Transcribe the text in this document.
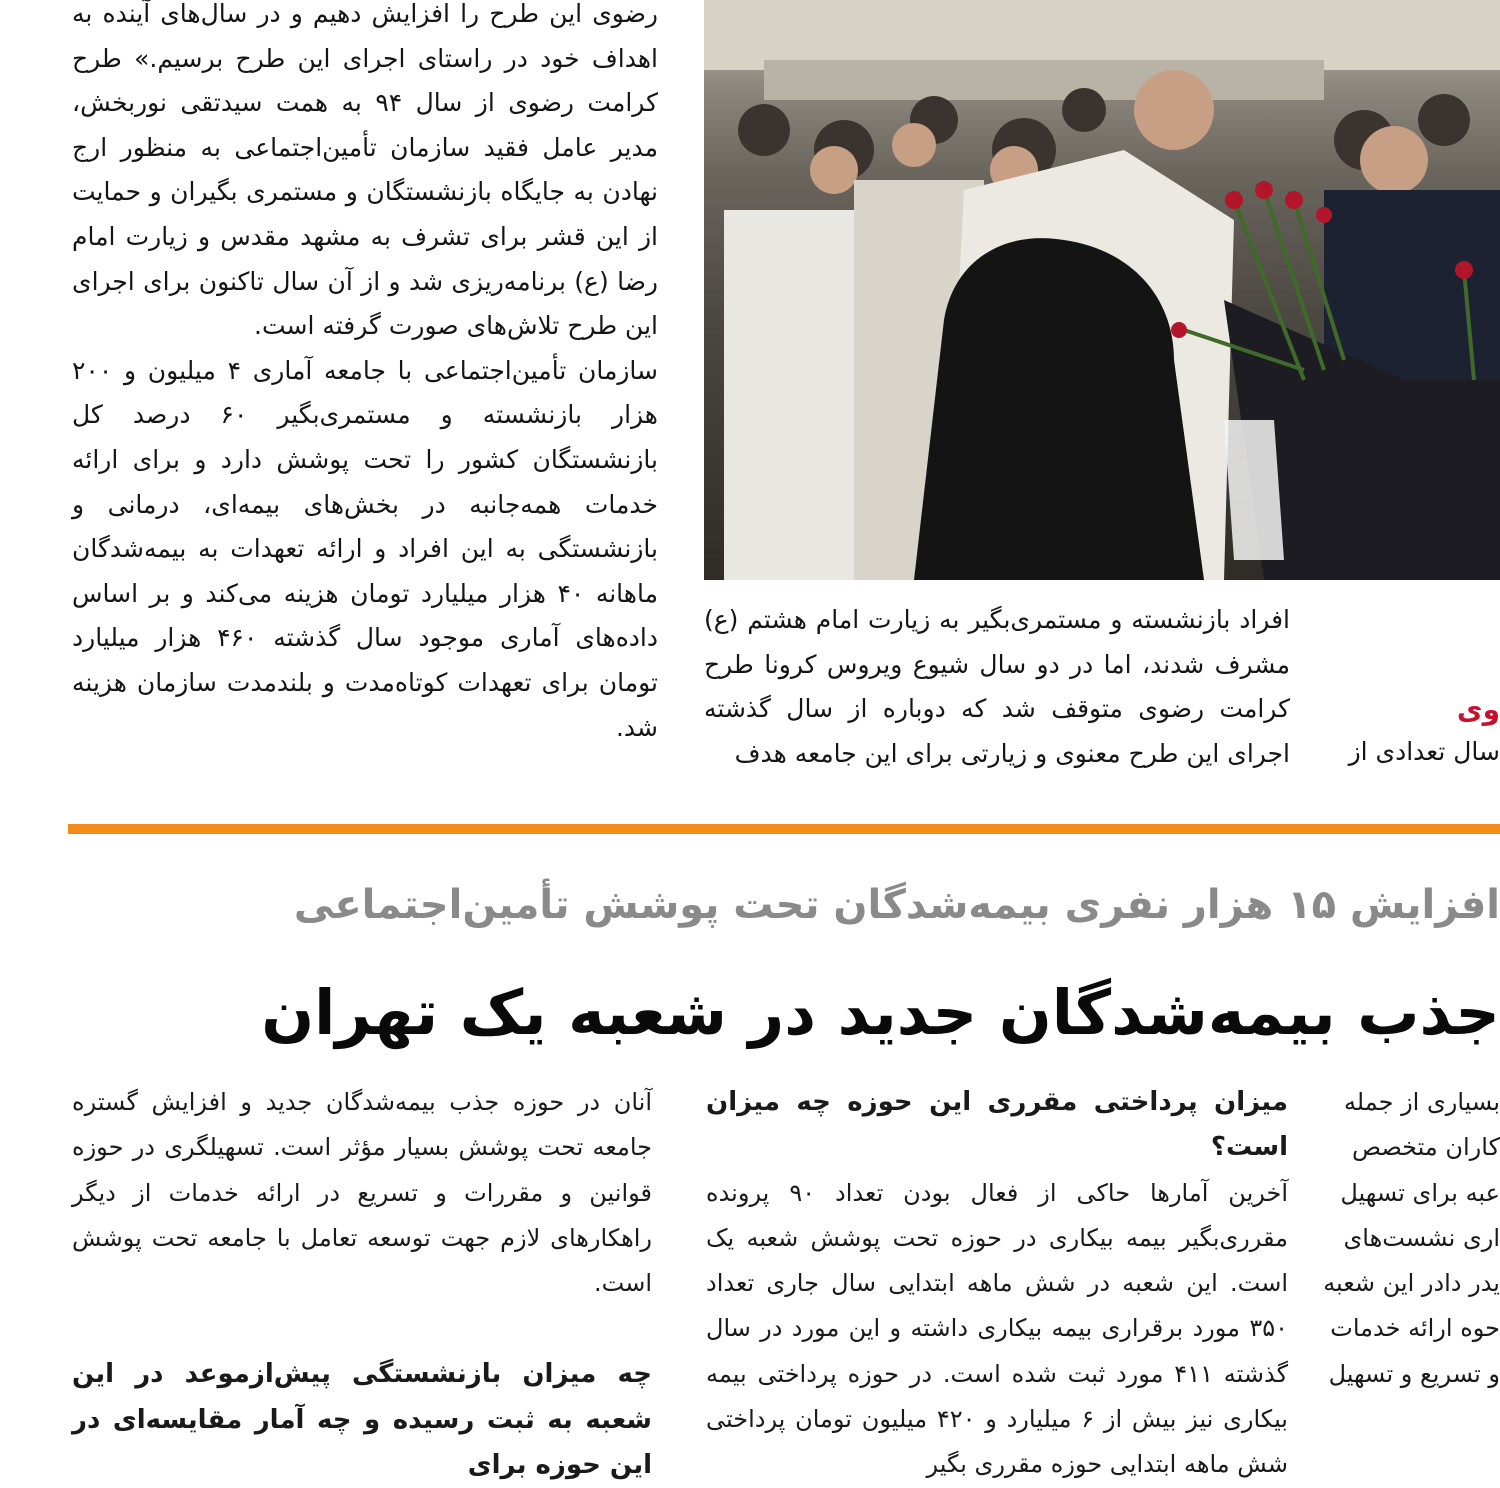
رضوی این طرح را افزایش دهیم و در سال‌های آینده به اهداف خود در راستای اجرای این طرح برسیم.» طرح کرامت رضوی از سال ۹۴ به همت سیدتقی نوربخش، مدیر عامل فقید سازمان تأمین‌اجتماعی به منظور ارج نهادن به جایگاه بازنشستگان و مستمری بگیران و حمایت از این قشر برای تشرف به مشهد مقدس و زیارت امام رضا (ع) برنامه‌ریزی شد و از آن سال تاکنون برای اجرای این طرح تلاش‌های صورت گرفته است.

سازمان تأمین‌اجتماعی با جامعه آماری ۴ میلیون و ۲۰۰ هزار بازنشسته و مستمری‌بگیر ۶۰ درصد کل بازنشستگان کشور را تحت پوشش دارد و برای ارائه خدمات همه‌جانبه در بخش‌های بیمه‌ای، درمانی و بازنشستگی به این افراد و ارائه تعهدات به بیمه‌شدگان ماهانه ۴۰ هزار میلیارد تومان هزینه می‌کند و بر اساس داده‌های آماری موجود سال گذشته ۴۶۰ هزار میلیارد تومان برای تعهدات کوتاه‌مدت و بلندمدت سازمان هزینه شد.

افراد بازنشسته و مستمری‌بگیر به زیارت امام هشتم (ع) مشرف شدند، اما در دو سال شیوع ویروس کرونا طرح کرامت رضوی متوقف شد که دوباره از سال گذشته اجرای این طرح معنوی و زیارتی برای این جامعه هدف
وی
سال تعدادی از
افزایش ۱۵ هزار نفری بیمه‌شدگان تحت پوشش تأمین‌اجتماعی
جذب بیمه‌شدگان جدید در شعبه یک تهران

آنان در حوزه جذب بیمه‌شدگان جدید و افزایش گستره جامعه تحت پوشش بسیار مؤثر است. تسهیلگری در حوزه قوانین و مقررات و تسریع در ارائه خدمات از دیگر راهکارهای لازم جهت توسعه تعامل با جامعه تحت پوشش است.

چه میزان بازنشستگی پیش‌ازموعد در این شعبه به ثبت رسیده و چه آمار مقایسه‌ای در این حوزه برای

میزان پرداختی مقرری این حوزه چه میزان است؟

آخرین آمارها حاکی از فعال بودن تعداد ۹۰ پرونده مقرری‌بگیر بیمه بیکاری در حوزه تحت پوشش شعبه یک است. این شعبه در شش ماهه ابتدایی سال جاری تعداد ۳۵۰ مورد برقراری بیمه بیکاری داشته و این مورد در سال گذشته ۴۱۱ مورد ثبت شده است. در حوزه پرداختی بیمه بیکاری نیز بیش از ۶ میلیارد و ۴۲۰ میلیون تومان پرداختی شش ماهه ابتدایی حوزه مقرری بگیر

بسیاری از جمله
کاران متخصص
عبه برای تسهیل
اری نشست‌های
یدر دادر این شعبه
حوه ارائه خدمات
و تسریع و تسهیل
